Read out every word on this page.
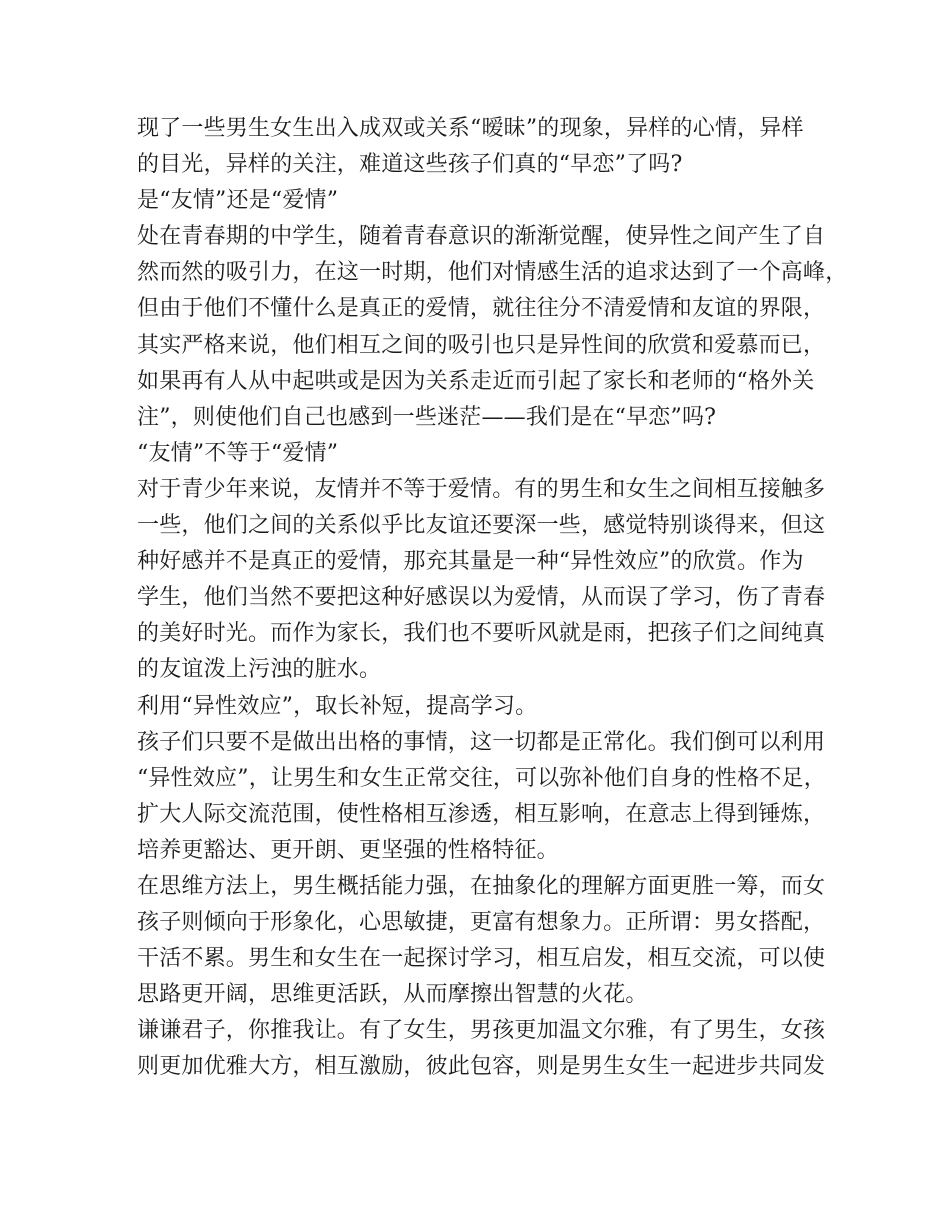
现了一些男生女生出入成双或关系“暧昧”的现象，异样的心情，异样
的目光，异样的关注，难道这些孩子们真的“早恋”了吗?
是“友情”还是“爱情”
处在青春期的中学生，随着青春意识的渐渐觉醒，使异性之间产生了自
然而然的吸引力，在这一时期，他们对情感生活的追求达到了一个高峰，
但由于他们不懂什么是真正的爱情，就往往分不清爱情和友谊的界限，
其实严格来说，他们相互之间的吸引也只是异性间的欣赏和爱慕而已，
如果再有人从中起哄或是因为关系走近而引起了家长和老师的“格外关
注”，则使他们自己也感到一些迷茫——我们是在“早恋”吗?
“友情”不等于“爱情”
对于青少年来说，友情并不等于爱情。有的男生和女生之间相互接触多
一些，他们之间的关系似乎比友谊还要深一些，感觉特别谈得来，但这
种好感并不是真正的爱情，那充其量是一种“异性效应”的欣赏。作为
学生，他们当然不要把这种好感误以为爱情，从而误了学习，伤了青春
的美好时光。而作为家长，我们也不要听风就是雨，把孩子们之间纯真
的友谊泼上污浊的脏水。
利用“异性效应”，取长补短，提高学习。
孩子们只要不是做出出格的事情，这一切都是正常化。我们倒可以利用
“异性效应”，让男生和女生正常交往，可以弥补他们自身的性格不足，
扩大人际交流范围，使性格相互渗透，相互影响，在意志上得到锤炼，
培养更豁达、更开朗、更坚强的性格特征。
在思维方法上，男生概括能力强，在抽象化的理解方面更胜一筹，而女
孩子则倾向于形象化，心思敏捷，更富有想象力。正所谓：男女搭配，
干活不累。男生和女生在一起探讨学习，相互启发，相互交流，可以使
思路更开阔，思维更活跃，从而摩擦出智慧的火花。
谦谦君子，你推我让。有了女生，男孩更加温文尔雅，有了男生，女孩
则更加优雅大方，相互激励，彼此包容，则是男生女生一起进步共同发
